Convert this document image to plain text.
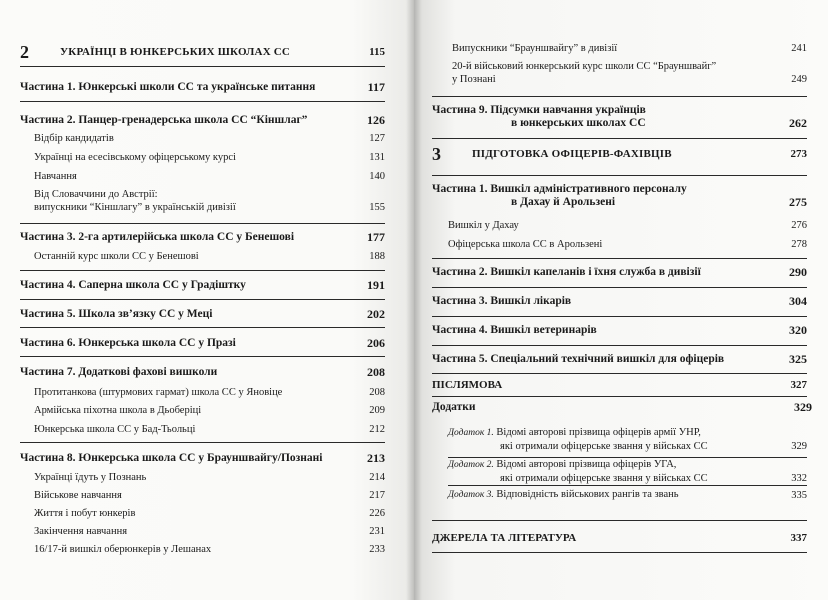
2	УКРАЇНЦІ В ЮНКЕРСЬКИХ ШКОЛАХ СС	115
Частина 1. Юнкерські школи СС та українське питання	117
Частина 2. Панцер-гренадерська школа СС “Кіншлаг”	126
Відбір кандидатів	127
Українці на есесівському офіцерському курсі	131
Навчання	140
Від Словаччини до Австрії:
випускники “Кіншлагу” в українській дивізії	155
Частина 3. 2-га артилерійська школа СС у Бенешові	177
Останній курс школи СС у Бенешові	188
Частина 4. Саперна школа СС у Градіштку	191
Частина 5. Школа зв’язку СС у Меці	202
Частина 6. Юнкерська школа СС у Празі	206
Частина 7. Додаткові фахові вишколи	208
Протитанкова (штурмових гармат) школа СС у Яновіце	208
Армійська піхотна школа в Дьоберіці	209
Юнкерська школа СС у Бад-Тьольці	212
Частина 8. Юнкерська школа СС у Брауншвайгу/Познані	213
Українці їдуть у Познань	214
Військове навчання	217
Життя і побут юнкерів	226
Закінчення навчання	231
16/17-й вишкіл оберюнкерів у Лешанах	233
Випускники “Брауншвайгу” в дивізії	241
20-й військовий юнкерський курс школи СС “Брауншвайг”
у Познані	249
Частина 9. Підсумки навчання українців
в юнкерських школах СС	262
3	ПІДГОТОВКА ОФІЦЕРІВ-ФАХІВЦІВ	273
Частина 1. Вишкіл адміністративного персоналу
в Дахау й Арользені	275
Вишкіл у Дахау	276
Офіцерська школа СС в Арользені	278
Частина 2. Вишкіл капеланів і їхня служба в дивізії	290
Частина 3. Вишкіл лікарів	304
Частина 4. Вишкіл ветеринарів	320
Частина 5. Спеціальний технічний вишкіл для офіцерів	325
ПІСЛЯМОВА	327
Додатки	329
Додаток 1. Відомі авторові прізвища офіцерів армії УНР,
які отримали офіцерське звання у військах СС	329
Додаток 2. Відомі авторові прізвища офіцерів УГА,
які отримали офіцерське звання у військах СС	332
Додаток 3. Відповідність військових рангів та звань	335
ДЖЕРЕЛА ТА ЛІТЕРАТУРА	337
